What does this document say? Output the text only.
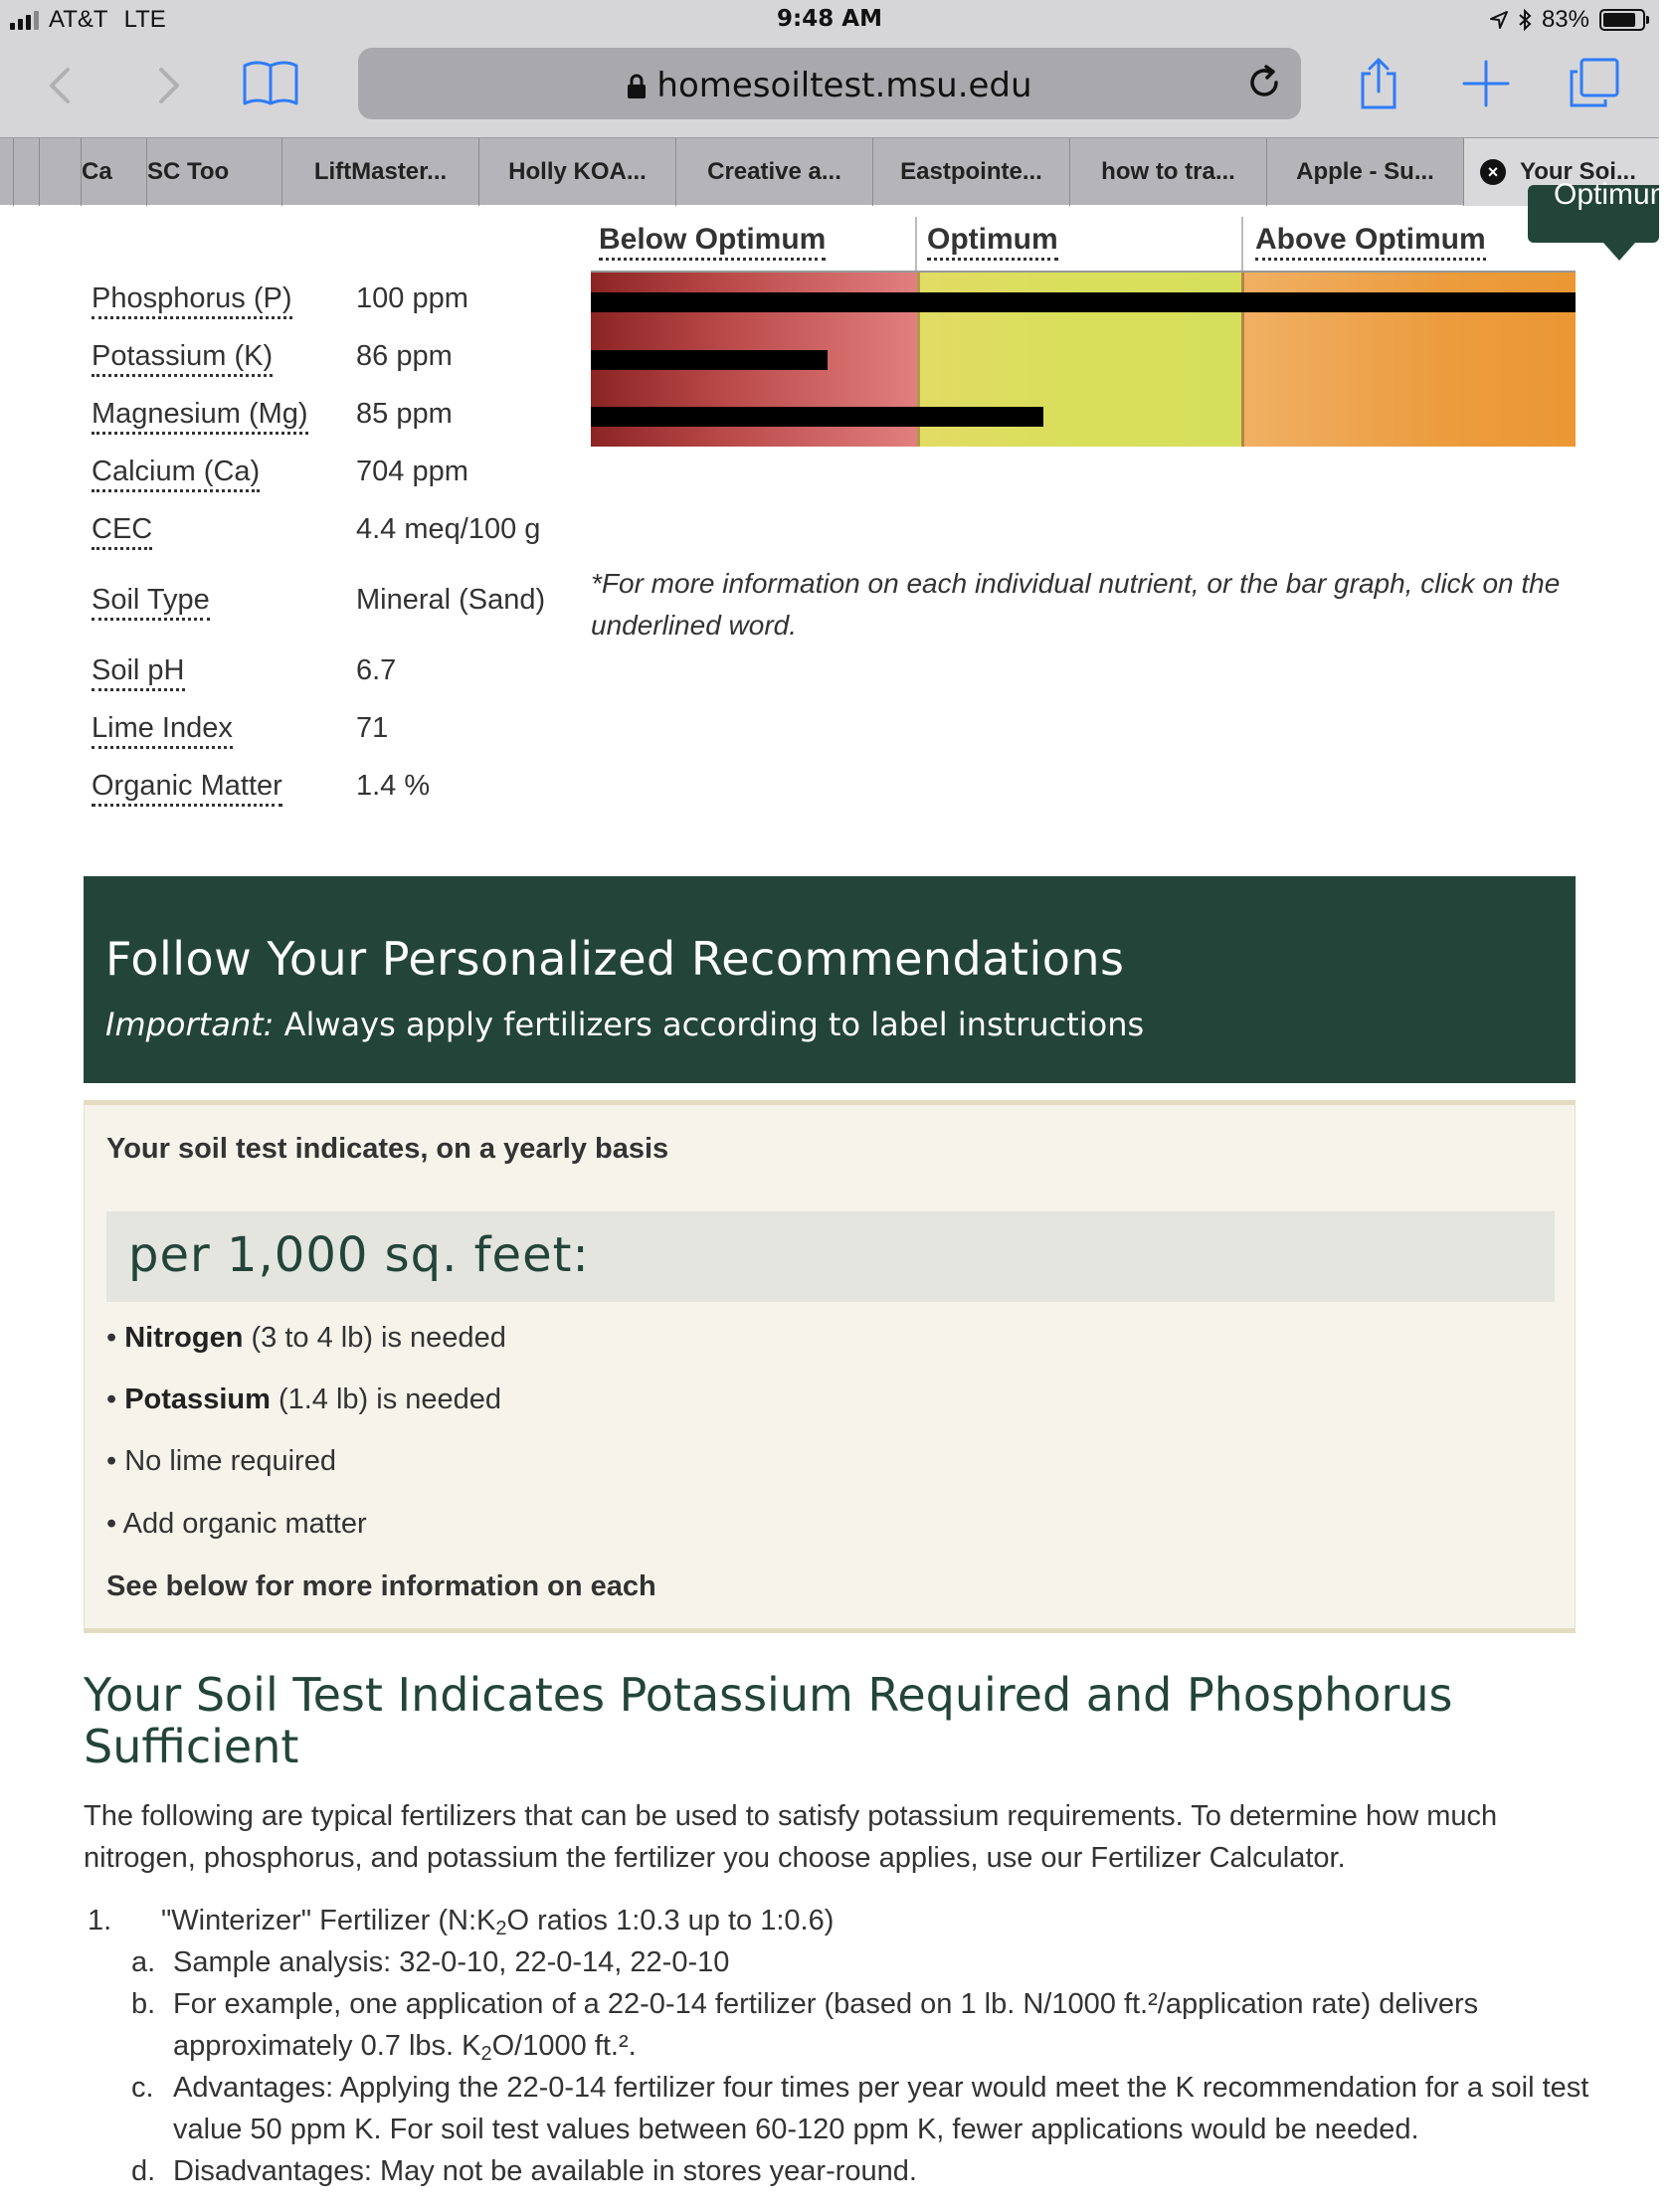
AT&T LTE	9:48 AM	83%
homesoiltest.msu.edu
Ca SC Too	LiftMaster...	Holly KOA...	Creative a... Eastpointe... how to tra...	Apple - Su...	× Your Soi...
Optimum
Below Optimum	Optimum	Above Optimum
Phosphorus (P) 100 ppm
Potassium (K)	86 ppm
Magnesium (Mg) 85 ppm
Calcium (Ca)	704 ppm
CEC	4.4 meq/100 g
Soil Type	Mineral (Sand)
Soil pH	6.7
Lime Index	71
Organic Matter	1.4 %

*For more information on each individual nutrient, or the bar graph, click on the underlined word.

Follow Your Personalized Recommendations
Important: Always apply fertilizers according to label instructions
Your soil test indicates, on a yearly basis
per 1,000 sq. feet:
• Nitrogen (3 to 4 lb) is needed
• Potassium (1.4 lb) is needed
• No lime required
• Add organic matter
See below for more information on each
Your Soil Test Indicates Potassium Required and Phosphorus Sufficient

The following are typical fertilizers that can be used to satisfy potassium requirements. To determine how much nitrogen, phosphorus, and potassium the fertilizer you choose applies, use our Fertilizer Calculator.

1. "Winterizer" Fertilizer ($N:K_2O$ ratios 1:0.3 up to 1:0.6)
a. Sample analysis: 32-0-10, 22-0-14, 22-0-10
b. For example, one application of a 22-0-14 fertilizer (based on 1 lb. N/1000 ft.²/application rate) delivers approximately 0.7 lbs. $K_2O/1000$ ft.².
c. Advantages: Applying the 22-0-14 fertilizer four times per year would meet the K recommendation for a soil test value 50 ppm K. For soil test values between 60-120 ppm K, fewer applications would be needed.
d. Disadvantages: May not be available in stores year-round.
